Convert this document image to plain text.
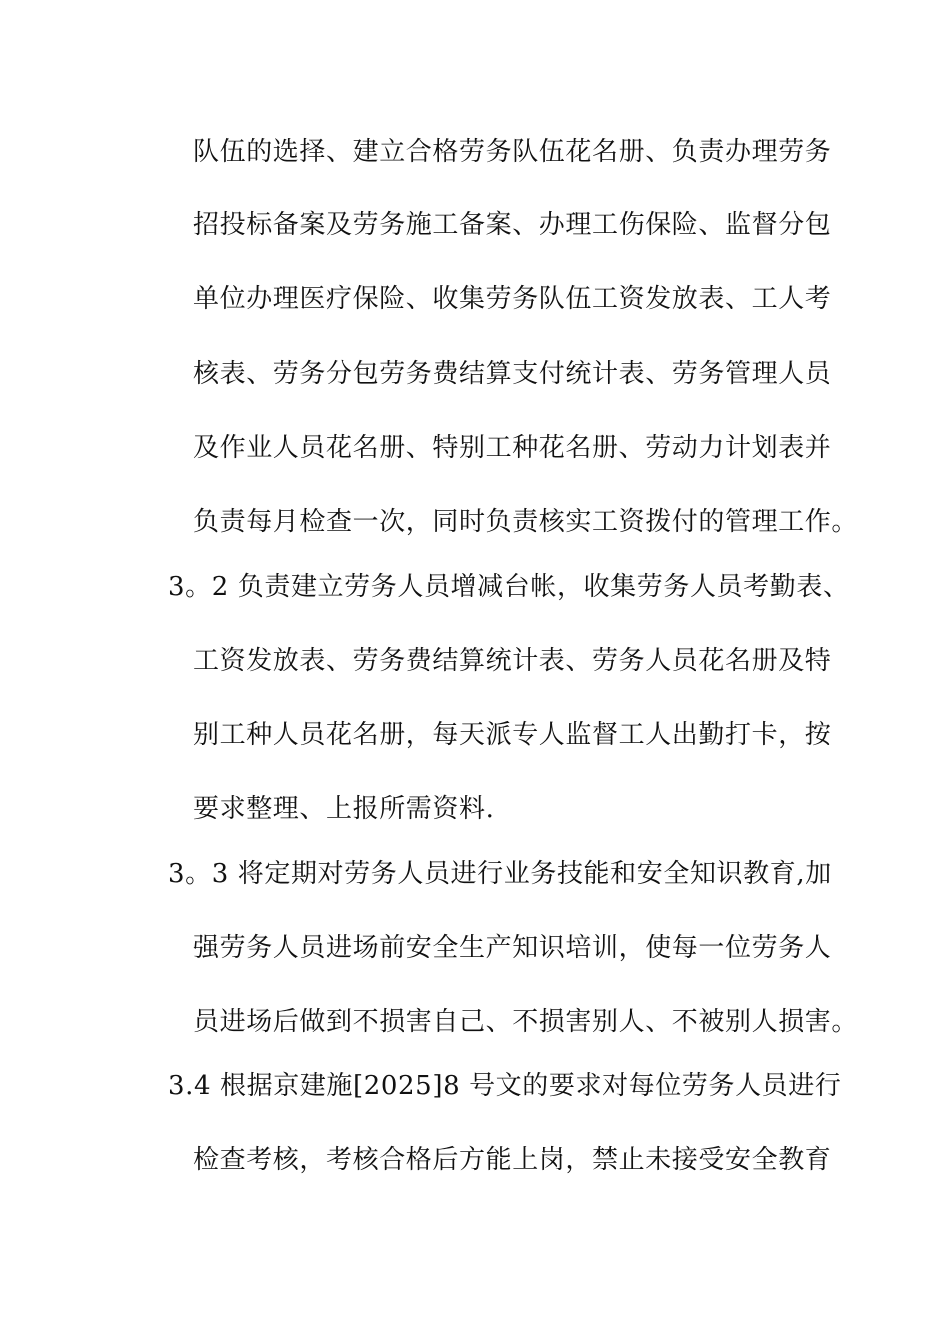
队伍的选择、建立合格劳务队伍花名册、负责办理劳务
招投标备案及劳务施工备案、办理工伤保险、监督分包
单位办理医疗保险、收集劳务队伍工资发放表、工人考
核表、劳务分包劳务费结算支付统计表、劳务管理人员
及作业人员花名册、特别工种花名册、劳动力计划表并
负责每月检查一次，同时负责核实工资拨付的管理工作。
3。2 负责建立劳务人员增减台帐，收集劳务人员考勤表、
工资发放表、劳务费结算统计表、劳务人员花名册及特
别工种人员花名册，每天派专人监督工人出勤打卡，按
要求整理、上报所需资料.
3。3 将定期对劳务人员进行业务技能和安全知识教育,加
强劳务人员进场前安全生产知识培训，使每一位劳务人
员进场后做到不损害自己、不损害别人、不被别人损害。
3.4 根据京建施[2025]8 号文的要求对每位劳务人员进行
检查考核，考核合格后方能上岗，禁止未接受安全教育
